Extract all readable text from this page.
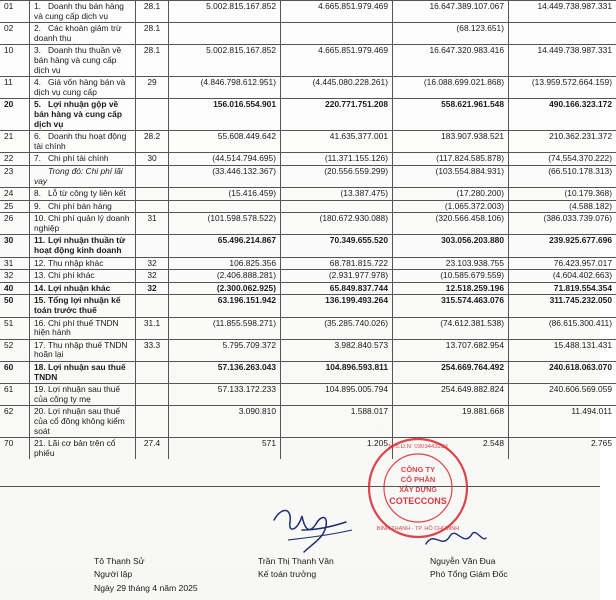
01	1. Doanh thu bán hàng và cung cấp dịch vụ	28.1	5.002.815.167.852	4.665.851.979.469	16.647.389.107.067	14.449.738.987.331
02	2. Các khoản giảm trừ doanh thu	28.1			(68.123.651)	
10	3. Doanh thu thuần về bán hàng và cung cấp dịch vụ	28.1	5.002.815.167.852	4.665.851.979.469	16.647.320.983.416	14.449.738.987.331
11	4. Giá vốn hàng bán và dịch vụ cung cấp	29	(4.846.798.612.951)	(4.445.080.228.261)	(16.088.699.021.868)	(13.959.572.664.159)
20	5. Lợi nhuận gộp về bán hàng và cung cấp dịch vụ		156.016.554.901	220.771.751.208	558.621.961.548	490.166.323.172
21	6. Doanh thu hoạt động tài chính	28.2	55.608.449.642	41.635.377.001	183.907.938.521	210.362.231.372
22	7. Chi phí tài chính	30	(44.514.794.695)	(11.371.155.126)	(117.824.585.878)	(74.554.370.222)
23	Trong đó: Chi phí lãi vay		(33.446.132.367)	(20.556.559.299)	(103.554.884.931)	(66.510.178.313)
24	8. Lỗ từ công ty liên kết		(15.416.459)	(13.387.475)	(17.280.200)	(10.179.368)
25	9. Chi phí bán hàng				(1.065.372.003)	(4.588.182)
26	10. Chi phí quản lý doanh nghiệp	31	(101.598.578.522)	(180.672.930.088)	(320.566.458.106)	(386.033.739.076)
30	11. Lợi nhuận thuần từ hoạt động kinh doanh		65.496.214.867	70.349.655.520	303.056.203.880	239.925.677.696
31	12. Thu nhập khác	32	106.825.356	68.781.815.722	23.103.938.755	76.423.957.017
32	13. Chi phí khác	32	(2.406.888.281)	(2.931.977.978)	(10.585.679.559)	(4.604.402.663)
40	14. Lợi nhuận khác	32	(2.300.062.925)	65.849.837.744	12.518.259.196	71.819.554.354
50	15. Tổng lợi nhuận kế toán trước thuế		63.196.151.942	136.199.493.264	315.574.463.076	311.745.232.050
51	16. Chi phí thuế TNDN hiện hành	31.1	(11.855.598.271)	(35.285.740.026)	(74.612.381.538)	(86.615.300.411)
52	17. Thu nhập thuế TNDN hoãn lại	33.3	5.795.709.372	3.982.840.573	13.707.682.954	15.488.131.431
60	18. Lợi nhuận sau thuế TNDN		57.136.263.043	104.896.593.811	254.669.764.492	240.618.063.070
61	19. Lợi nhuận sau thuế của công ty mẹ		57.133.172.233	104.895.005.794	254.649.882.824	240.606.569.059
62	20. Lợi nhuận sau thuế của cổ đông không kiểm soát		3.090.810	1.588.017	19.881.668	11.494.011
70	21. Lãi cơ bản trên cổ phiếu	27.4	571	1.205	2.548	2.765
Tô Thanh Sử
Người lập
Trần Thị Thanh Vân
Kế toán trưởng
M.S.D.N: 0303443233
CÔNG TY
CỔ PHẦN
XÂY DỰNG
COTECCONS
BÌNH THẠNH - TP. HỒ CHÍ MINH
Nguyễn Văn Đua
Phó Tổng Giám Đốc
Ngày 29 tháng 4 năm 2025
